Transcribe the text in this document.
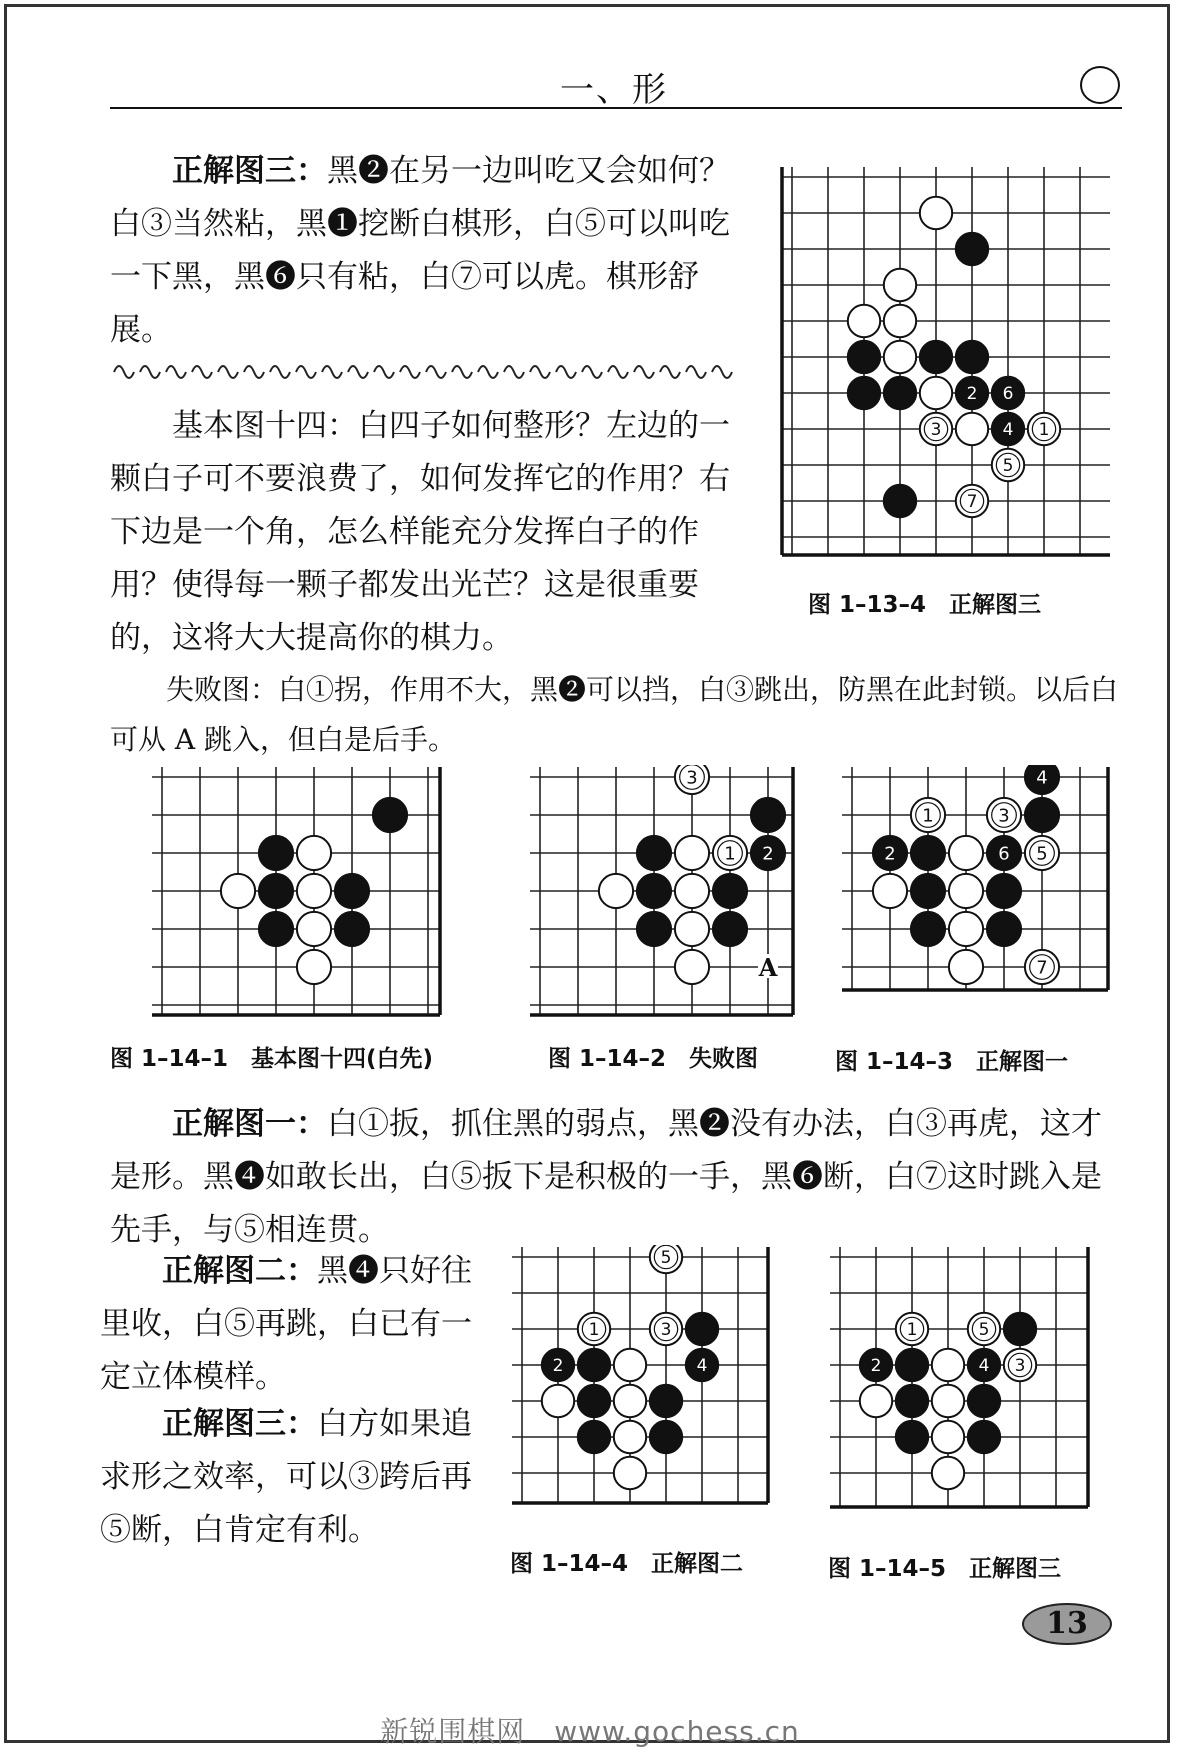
一、形

正解图三：黑❷在另一边叫吃又会如何？白③当然粘，黑❶挖断白棋形，白⑤可以叫吃一下黑，黑❻只有粘，白⑦可以虎。棋形舒展。

基本图十四：白四子如何整形？左边的一颗白子可不要浪费了，如何发挥它的作用？右下边是一个角，怎么样能充分发挥白子的作用？使得每一颗子都发出光芒？这是很重要的，这将大大提高你的棋力。

失败图：白①拐，作用不大，黑❷可以挡，白③跳出，防黑在此封锁。以后白可从 A 跳入，但白是后手。

正解图一：白①扳，抓住黑的弱点，黑❷没有办法，白③再虎，这才是形。黑❹如敢长出，白⑤扳下是积极的一手，黑❻断，白⑦这时跳入是先手，与⑤相连贯。

正解图二：黑❹只好往里收，白⑤再跳，白已有一定立体模样。

正解图三：白方如果追求形之效率，可以③跨后再⑤断，白肯定有利。

2 6
3	4 1
5
7
图 1–13–4　正解图三
图 1–14–1　基本图十四(白先)
3
1 2
A
图 1–14–2　失败图
4
1	3
2	6 5
7
图 1–14–3　正解图一
5
1	3
2	4
图 1–14–4　正解图二
1	5
2	4 3
图 1–14–5　正解图三
13
新锐围棋网　www.gochess.cn
